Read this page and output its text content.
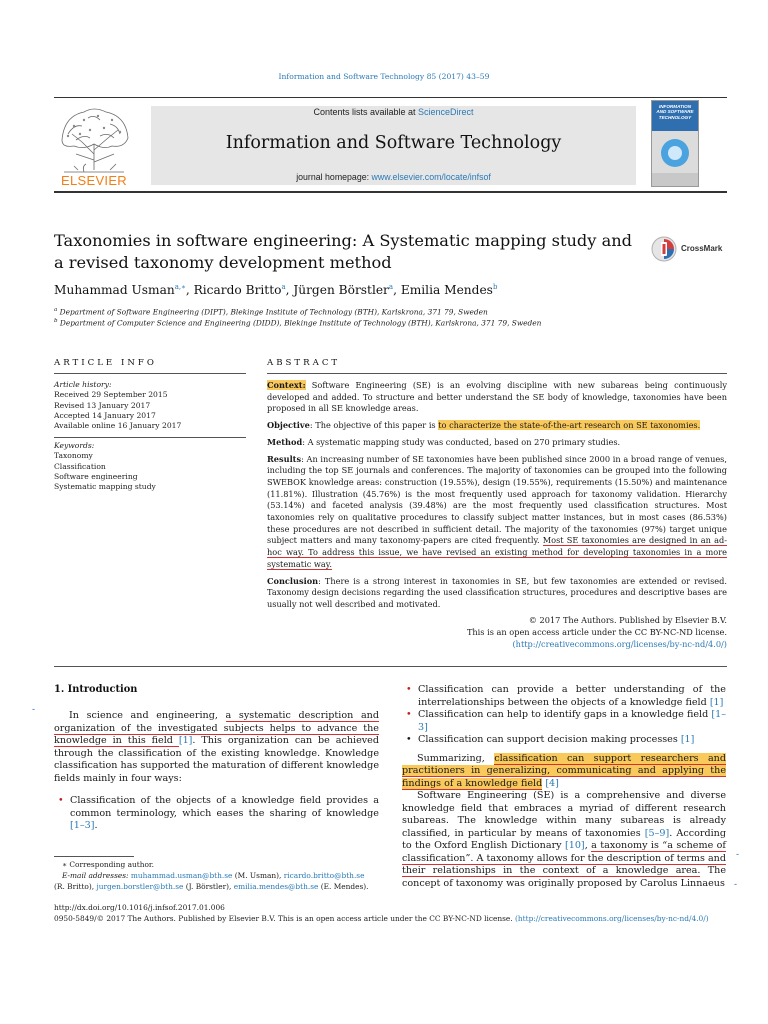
Information and Software Technology 85 (2017) 43–59
ELSEVIER
Contents lists available at ScienceDirect
Information and Software Technology
journal homepage: www.elsevier.com/locate/infsof
INFORMATION AND SOFTWARE TECHNOLOGY
Taxonomies in software engineering: A Systematic mapping study and
a revised taxonomy development method
CrossMark
Muhammad Usman$^{a,∗}$, Ricardo Britto$^a$, Jürgen Börstler$^a$, Emilia Mendes$^b$
$^a$ Department of Software Engineering (DIPT), Blekinge Institute of Technology (BTH), Karlskrona, 371 79, Sweden
$^b$ Department of Computer Science and Engineering (DIDD), Blekinge Institute of Technology (BTH), Karlskrona, 371 79, Sweden
ARTICLE INFO
Article history:
Received 29 September 2015
Revised 13 January 2017
Accepted 14 January 2017
Available online 16 January 2017
Keywords:
Taxonomy
Classification
Software engineering
Systematic mapping study
ABSTRACT

Context: Software Engineering (SE) is an evolving discipline with new subareas being continuously developed and added. To structure and better understand the SE body of knowledge, taxonomies have been proposed in all SE knowledge areas.

Objective: The objective of this paper is to characterize the state-of-the-art research on SE taxonomies.

Method: A systematic mapping study was conducted, based on 270 primary studies.

Results: An increasing number of SE taxonomies have been published since 2000 in a broad range of venues, including the top SE journals and conferences. The majority of taxonomies can be grouped into the following SWEBOK knowledge areas: construction (19.55%), design (19.55%), requirements (15.50%) and maintenance (11.81%). Illustration (45.76%) is the most frequently used approach for taxonomy validation. Hierarchy (53.14%) and faceted analysis (39.48%) are the most frequently used classification structures. Most taxonomies rely on qualitative procedures to classify subject matter instances, but in most cases (86.53%) these procedures are not described in sufficient detail. The majority of the taxonomies (97%) target unique subject matters and many taxonomy-papers are cited frequently. Most SE taxonomies are designed in an ad-hoc way. To address this issue, we have revised an existing method for developing taxonomies in a more systematic way.

Conclusion: There is a strong interest in taxonomies in SE, but few taxonomies are extended or revised. Taxonomy design decisions regarding the used classification structures, procedures and descriptive bases are usually not well described and motivated.

© 2017 The Authors. Published by Elsevier B.V.
This is an open access article under the CC BY-NC-ND license.
(http://creativecommons.org/licenses/by-nc-nd/4.0/)
1. Introduction
-	In science and engineering, a systematic description and organization of the investigated subjects helps to advance the knowledge in this field [1]. This organization can be achieved through the classification of the existing knowledge. Knowledge classification has supported the maturation of different knowledge fields mainly in four ways:

• Classification of the objects of a knowledge field provides a common terminology, which eases the sharing of knowledge [1–3].
• Classification can provide a better understanding of the interrelationships between the objects of a knowledge field [1]
• Classification can help to identify gaps in a knowledge field [1–3]
• Classification can support decision making processes [1]

Summarizing, classification can support researchers and practitioners in generalizing, communicating and applying the findings of a knowledge field [4]

Software Engineering (SE) is a comprehensive and diverse knowledge field that embraces a myriad of different research subareas. The knowledge within many subareas is already classified, in particular by means of taxonomies [5–9]. According to the Oxford English Dictionary [10], a taxonomy is “a scheme of classification”. A taxonomy allows for the description of terms and their relationships in the context of a knowledge area. The concept of taxonomy was originally proposed by Carolus Linnaeus

-
-
∗ Corresponding author.
E-mail addresses: muhammad.usman@bth.se (M. Usman), ricardo.britto@bth.se
(R. Britto), jurgen.borstler@bth.se (J. Börstler), emilia.mendes@bth.se (E. Mendes).
http://dx.doi.org/10.1016/j.infsof.2017.01.006
0950-5849/© 2017 The Authors. Published by Elsevier B.V. This is an open access article under the CC BY-NC-ND license. (http://creativecommons.org/licenses/by-nc-nd/4.0/)
